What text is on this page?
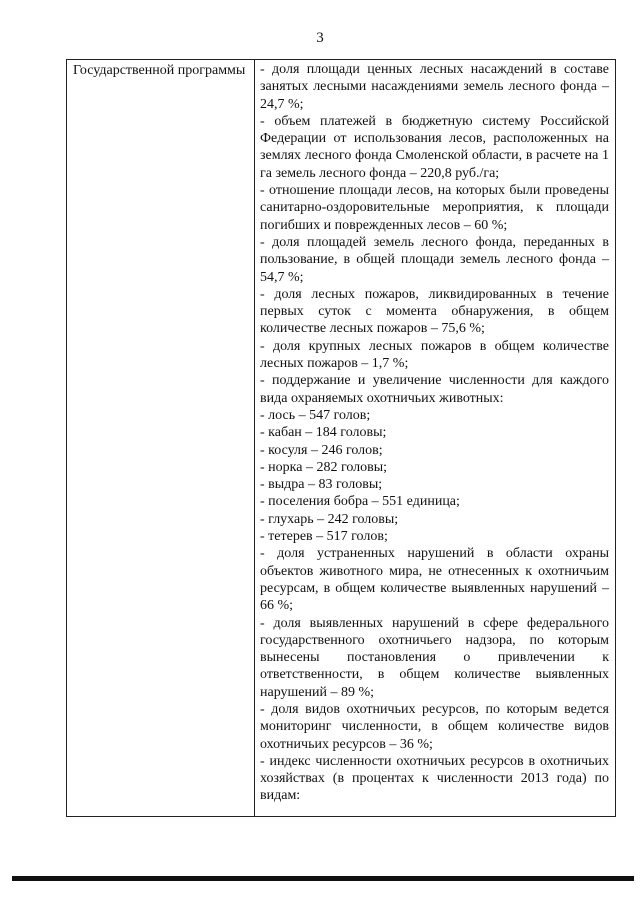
3
Государственной программы - доля площади ценных лесных насаждений в составе занятых лесными насаждениями земель лесного фонда – 24,7 %;

- объем платежей в бюджетную систему Российской Федерации от использования лесов, расположенных на землях лесного фонда Смоленской области, в расчете на 1 га земель лесного фонда – 220,8 руб./га;

- отношение площади лесов, на которых были проведены санитарно-оздоровительные мероприятия, к площади погибших и поврежденных лесов – 60 %;

- доля площадей земель лесного фонда, переданных в пользование, в общей площади земель лесного фонда – 54,7 %;

- доля лесных пожаров, ликвидированных в течение первых суток с момента обнаружения, в общем количестве лесных пожаров – 75,6 %;

- доля крупных лесных пожаров в общем количестве лесных пожаров – 1,7 %;

- поддержание и увеличение численности для каждого вида охраняемых охотничьих животных:

- лось – 547 голов;

- кабан – 184 головы;

- косуля – 246 голов;

- норка – 282 головы;

- выдра – 83 головы;

- поселения бобра – 551 единица;

- глухарь – 242 головы;

- тетерев – 517 голов;

- доля устраненных нарушений в области охраны объектов животного мира, не отнесенных к охотничьим ресурсам, в общем количестве выявленных нарушений – 66 %;

- доля выявленных нарушений в сфере федерального государственного охотничьего надзора, по которым вынесены постановления о привлечении к ответственности, в общем количестве выявленных нарушений – 89 %;

- доля видов охотничьих ресурсов, по которым ведется мониторинг численности, в общем количестве видов охотничьих ресурсов – 36 %;

- индекс численности охотничьих ресурсов в охотничьих хозяйствах (в процентах к численности 2013 года) по видам:
